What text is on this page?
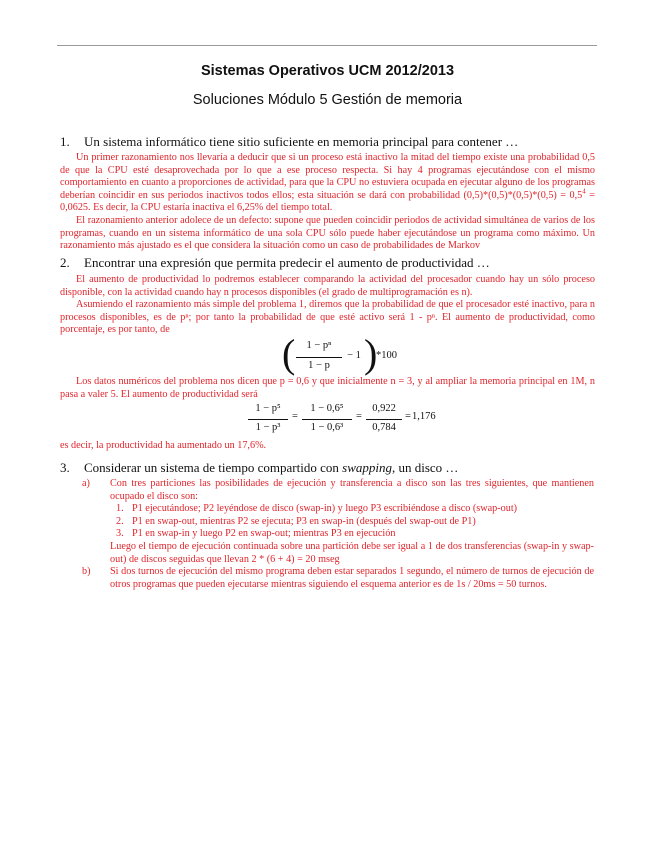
Sistemas Operativos UCM 2012/2013
Soluciones Módulo 5 Gestión de memoria
1. Un sistema informático tiene sitio suficiente en memoria principal para contener …

Un primer razonamiento nos llevaría a deducir que si un proceso está inactivo la mitad del tiempo existe una probabilidad 0,5 de que la CPU esté desaprovechada por lo que a ese proceso respecta. Si hay 4 programas ejecutándose con el mismo comportamiento en cuanto a proporciones de actividad, para que la CPU no estuviera ocupada en ejecutar alguno de los programas deberían coincidir en sus periodos inactivos todos ellos; esta situación se dará con probabilidad $(0,5)*(0,5)*(0,5)*(0,5) = 0,5^4 = 0,0625$. Es decir, la CPU estaría inactiva el 6,25% del tiempo total.

El razonamiento anterior adolece de un defecto: supone que pueden coincidir periodos de actividad simultánea de varios de los programas, cuando en un sistema informático de una sola CPU sólo puede haber ejecutándose un programa como máximo. Un razonamiento más ajustado es el que considera la situación como un caso de probabilidades de Markov

2. Encontrar una expresión que permita predecir el aumento de productividad …

El aumento de productividad lo podremos establecer comparando la actividad del procesador cuando hay un sólo proceso disponible, con la actividad cuando hay n procesos disponibles (el grado de multiprogramación es n).

Asumiendo el razonamiento más simple del problema 1, diremos que la probabilidad de que el procesador esté inactivo, para n procesos disponibles, es de pⁿ; por tanto la probabilidad de que esté activo será 1 - pⁿ. El aumento de productividad, como porcentaje, es por tanto, de

(	1 − pⁿ
1 − p
− 1 )
*100

Los datos numéricos del problema nos dicen que p = 0,6 y que inicialmente n = 3, y al ampliar la memoria principal en 1M, n pasa a valer 5. El aumento de productividad será

1 − p⁵
1 − p³
=
1 − 0,6⁵
1 − 0,6³
=
0,922
0,784
= 1,176

es decir, la productividad ha aumentado un 17,6%.

3. Considerar un sistema de tiempo compartido con swapping, un disco …
a) Con tres particiones las posibilidades de ejecución y transferencia a disco son las tres siguientes, que mantienen ocupado el disco son:
1. P1 ejecutándose; P2 leyéndose de disco (swap-in) y luego P3 escribiéndose a disco (swap-out)
2. P1 en swap-out, mientras P2 se ejecuta; P3 en swap-in (después del swap-out de P1)
3. P1 en swap-in y luego P2 en swap-out; mientras P3 en ejecución
Luego el tiempo de ejecución continuada sobre una partición debe ser igual a 1 de dos transferencias (swap-in y swap-out) de discos seguidas que llevan 2 * (6 + 4) = 20 mseg
b) Si dos turnos de ejecución del mismo programa deben estar separados 1 segundo, el número de turnos de ejecución de otros programas que pueden ejecutarse mientras siguiendo el esquema anterior es de 1s / 20ms = 50 turnos.
